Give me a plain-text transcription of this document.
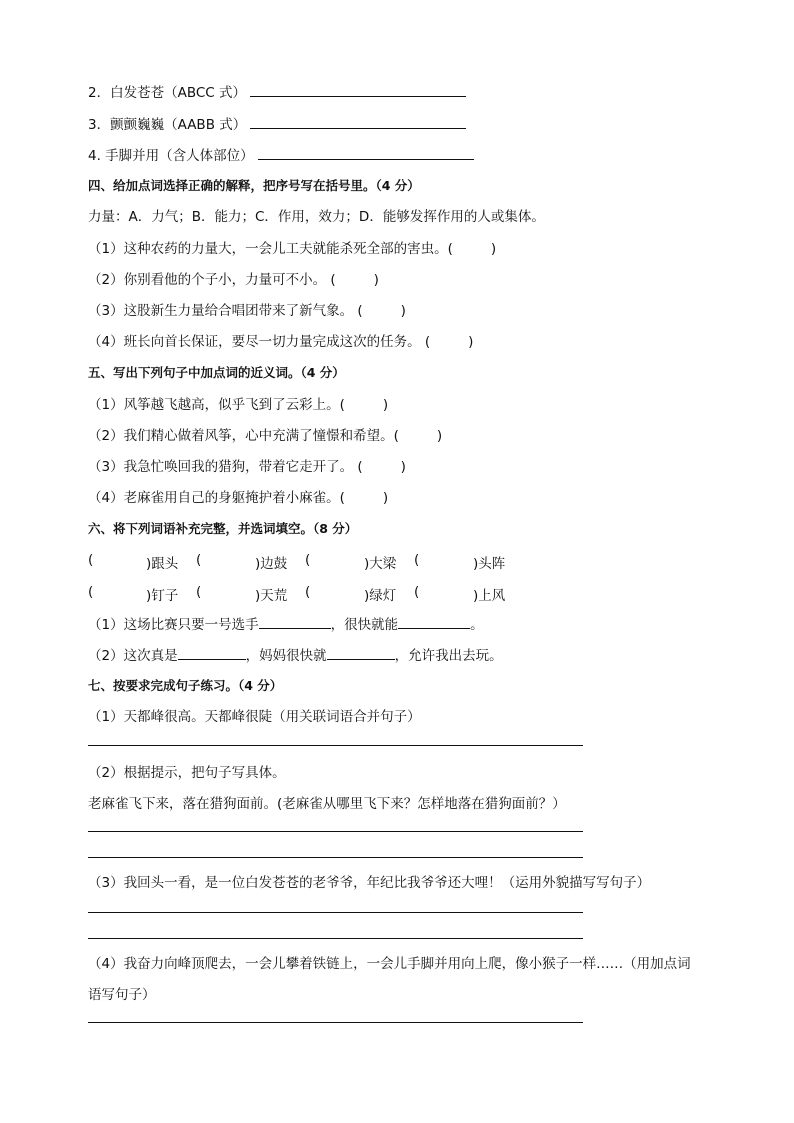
2．白发苍苍（ABCC 式）
3．颤颤巍巍（AABB 式）
4. 手脚并用（含人体部位）
四、给加点词选择正确的解释，把序号写在括号里。（4 分）
力量：A．力气；B．能力；C．作用，效力；D．能够发挥作用的人或集体。
（1）这种农药的力量大，一会儿工夫就能杀死全部的害虫。(	)
（2）你别看他的个子小，力量可不小。 (	)
（3）这股新生力量给合唱团带来了新气象。 (	)
（4）班长向首长保证，要尽一切力量完成这次的任务。 (	)
五、写出下列句子中加点词的近义词。（4 分）
（1）风筝越飞越高，似乎飞到了云彩上。(	)
（2）我们精心做着风筝，心中充满了憧憬和希望。(	)
（3）我急忙唤回我的猎狗，带着它走开了。 (	)
（4）老麻雀用自己的身躯掩护着小麻雀。(	)
六、将下列词语补充完整，并选词填空。（8 分）
(	)跟头 (	)边鼓 (	)大梁 (	)头阵
(	)钉子 (	)天荒 (	)绿灯 (	)上风
（1）这场比赛只要一号选手	，很快就能	。
（2）这次真是	，妈妈很快就	，允许我出去玩。
七、按要求完成句子练习。（4 分）
（1）天都峰很高。天都峰很陡（用关联词语合并句子）
（2）根据提示，把句子写具体。
老麻雀飞下来，落在猎狗面前。(老麻雀从哪里飞下来？怎样地落在猎狗面前？）
（3）我回头一看，是一位白发苍苍的老爷爷，年纪比我爷爷还大哩！（运用外貌描写写句子）
（4）我奋力向峰顶爬去，一会儿攀着铁链上，一会儿手脚并用向上爬，像小猴子一样……（用加点词
语写句子）
